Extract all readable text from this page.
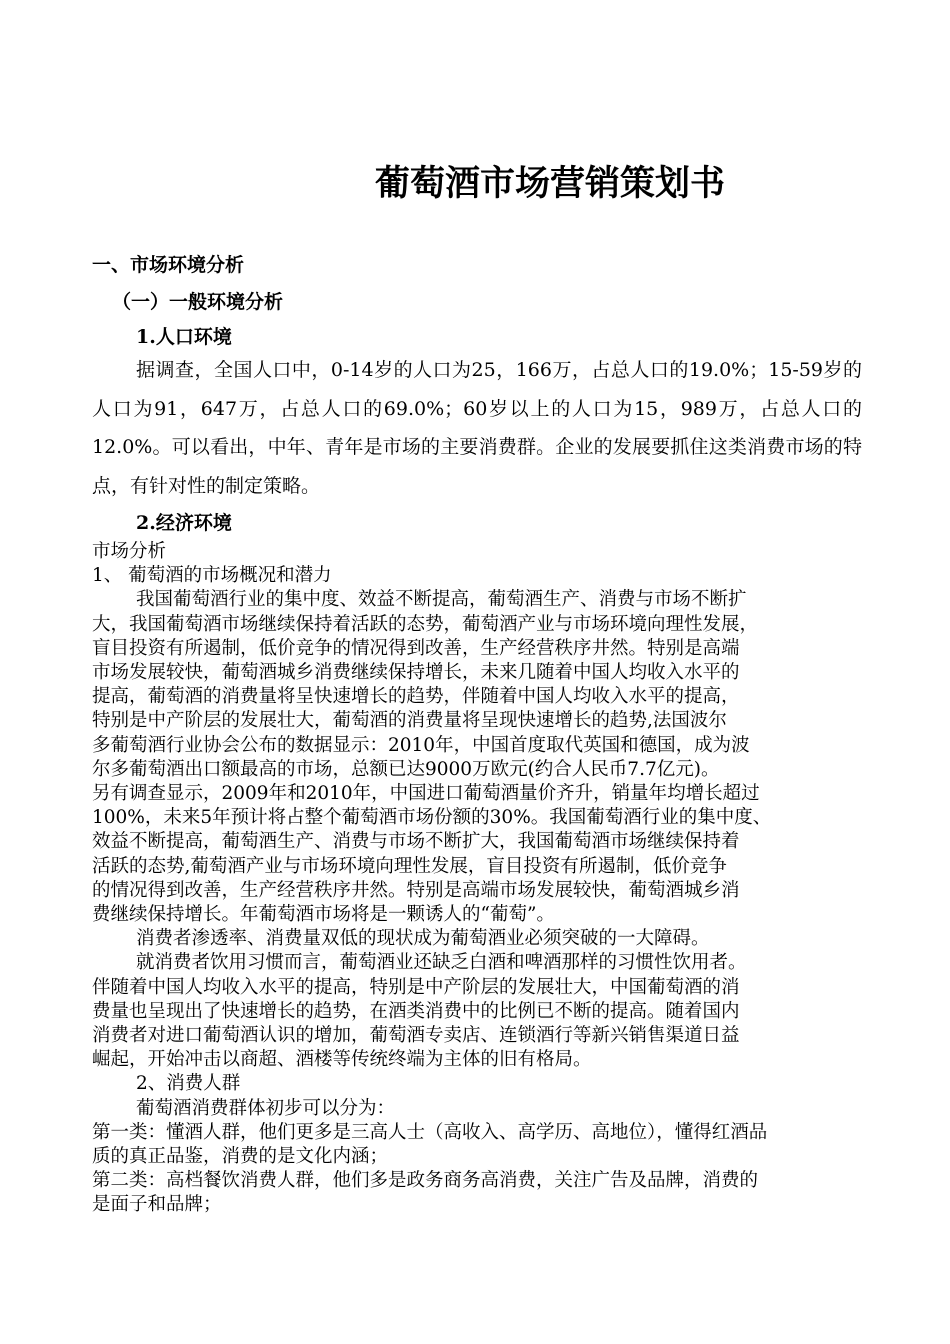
葡萄酒市场营销策划书
一、市场环境分析
（一）一般环境分析
1.人口环境
据调查，全国人口中，0-14岁的人口为25，166万，占总人口的19.0%；15-59岁的人口为91，647万，占总人口的69.0%；60岁以上的人口为15，989万，占总人口的12.0%。可以看出，中年、青年是市场的主要消费群。企业的发展要抓住这类消费市场的特点，有针对性的制定策略。
2.经济环境
市场分析
1、 葡萄酒的市场概况和潜力
我国葡萄酒行业的集中度、效益不断提高，葡萄酒生产、消费与市场不断扩
大，我国葡萄酒市场继续保持着活跃的态势，葡萄酒产业与市场环境向理性发展，
盲目投资有所遏制，低价竞争的情况得到改善，生产经营秩序井然。特别是高端
市场发展较快，葡萄酒城乡消费继续保持增长，未来几随着中国人均收入水平的
提高，葡萄酒的消费量将呈快速增长的趋势，伴随着中国人均收入水平的提高，
特别是中产阶层的发展壮大，葡萄酒的消费量将呈现快速增长的趋势,法国波尔
多葡萄酒行业协会公布的数据显示：2010年，中国首度取代英国和德国，成为波
尔多葡萄酒出口额最高的市场，总额已达9000万欧元(约合人民币7.7亿元)。
另有调查显示，2009年和2010年，中国进口葡萄酒量价齐升，销量年均增长超过
100%，未来5年预计将占整个葡萄酒市场份额的30%。我国葡萄酒行业的集中度、
效益不断提高，葡萄酒生产、消费与市场不断扩大，我国葡萄酒市场继续保持着
活跃的态势,葡萄酒产业与市场环境向理性发展，盲目投资有所遏制，低价竞争
的情况得到改善，生产经营秩序井然。特别是高端市场发展较快，葡萄酒城乡消
费继续保持增长。年葡萄酒市场将是一颗诱人的“葡萄”。
消费者渗透率、消费量双低的现状成为葡萄酒业必须突破的一大障碍。
就消费者饮用习惯而言，葡萄酒业还缺乏白酒和啤酒那样的习惯性饮用者。
伴随着中国人均收入水平的提高，特别是中产阶层的发展壮大，中国葡萄酒的消
费量也呈现出了快速增长的趋势，在酒类消费中的比例已不断的提高。随着国内
消费者对进口葡萄酒认识的增加，葡萄酒专卖店、连锁酒行等新兴销售渠道日益
崛起，开始冲击以商超、酒楼等传统终端为主体的旧有格局。
2、消费人群
葡萄酒消费群体初步可以分为：
第一类：懂酒人群，他们更多是三高人士（高收入、高学历、高地位），懂得红酒品
质的真正品鉴，消费的是文化内涵；
第二类：高档餐饮消费人群，他们多是政务商务高消费，关注广告及品牌，消费的
是面子和品牌；
